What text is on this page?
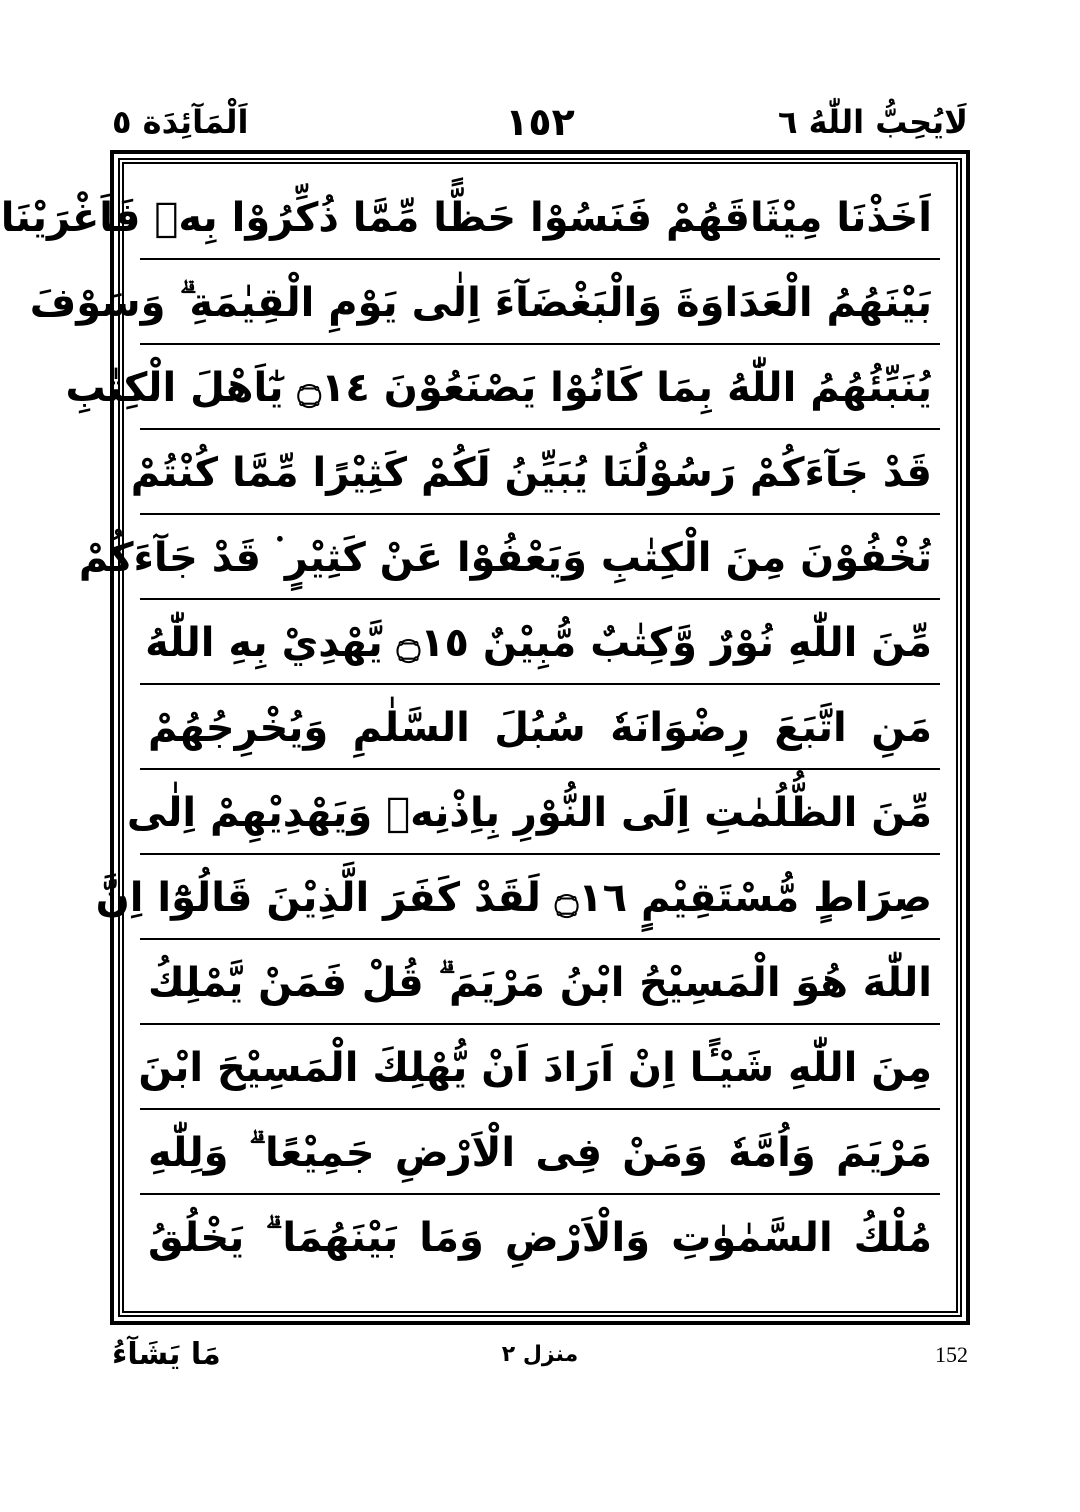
اَلْمَآئِدَة ٥	١٥٢	لَايُحِبُّ اللّٰهُ ٦
اَخَذْنَا مِيْثَاقَهُمْ فَنَسُوْا حَظًّا مِّمَّا ذُكِّرُوْا بِهٖ فَاَغْرَيْنَا
بَيْنَهُمُ الْعَدَاوَةَ وَالْبَغْضَآءَ اِلٰى يَوْمِ الْقِيٰمَةِ ۗ وَسَوْفَ
يُنَبِّئُهُمُ اللّٰهُ بِمَا كَانُوْا يَصْنَعُوْنَ ۝١٤ يٰٓاَهْلَ الْكِتٰبِ
قَدْ جَآءَكُمْ رَسُوْلُنَا يُبَيِّنُ لَكُمْ كَثِيْرًا مِّمَّا كُنْتُمْ
تُخْفُوْنَ مِنَ الْكِتٰبِ وَيَعْفُوْا عَنْ كَثِيْرٍ ۬ قَدْ جَآءَكُمْ
مِّنَ اللّٰهِ نُوْرٌ وَّكِتٰبٌ مُّبِيْنٌ ۝١٥ يَّهْدِيْ بِهِ اللّٰهُ
مَنِ اتَّبَعَ رِضْوَانَهٗ سُبُلَ السَّلٰمِ وَيُخْرِجُهُمْ
مِّنَ الظُّلُمٰتِ اِلَى النُّوْرِ بِاِذْنِهٖ وَيَهْدِيْهِمْ اِلٰى
صِرَاطٍ مُّسْتَقِيْمٍ ۝١٦ لَقَدْ كَفَرَ الَّذِيْنَ قَالُوْٓا اِنَّ
اللّٰهَ هُوَ الْمَسِيْحُ ابْنُ مَرْيَمَ ۗ قُلْ فَمَنْ يَّمْلِكُ
مِنَ اللّٰهِ شَيْـًٔا اِنْ اَرَادَ اَنْ يُّهْلِكَ الْمَسِيْحَ ابْنَ
مَرْيَمَ وَاُمَّهٗ وَمَنْ فِى الْاَرْضِ جَمِيْعًا ۗ وَلِلّٰهِ
مُلْكُ السَّمٰوٰتِ وَالْاَرْضِ وَمَا بَيْنَهُمَا ۗ يَخْلُقُ
مَا يَشَآءُ	منزل ٢	152
